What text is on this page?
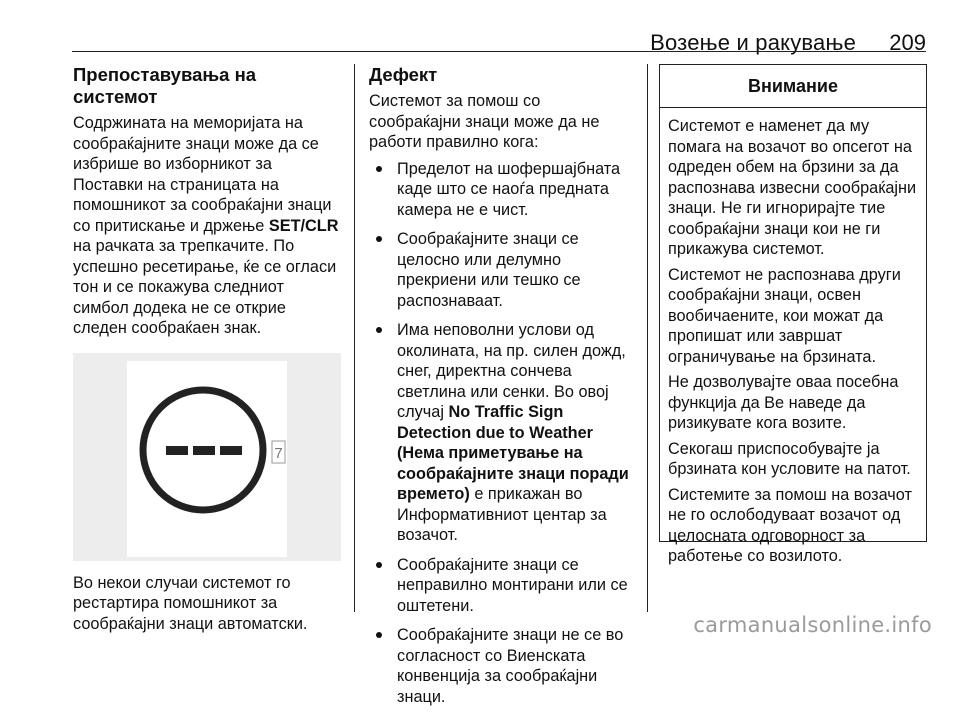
Возење и ракување 209
Препоставувања на системот

Содржината на меморијата на сообраќајните знаци може да се избрише во изборникот за Поставки на страницата на помошникот за сообраќајни знаци со притискање и држење SET/CLR на рачката за трепкачите. По успешно ресетирање, ќе се огласи тон и се покажува следниот симбол додека не се открие следен сообраќаен знак.

7

Во некои случаи системот го рестартира помошникот за сообраќајни знаци автоматски.

Дефект

Системот за помош со сообраќајни знаци може да не работи правилно кога:

Пределот на шофершајбната каде што се наоѓа предната камера не е чист.
Сообраќајните знаци се целосно или делумно прекриени или тешко се распознаваат.
Има неповолни услови од околината, на пр. силен дожд, снег, директна сончева светлина или сенки. Во овој случај No Traffic Sign Detection due to Weather (Нема приметување на сообраќајните знаци поради времето) е прикажан во Информативниот центар за возачот.
Сообраќајните знаци се неправилно монтирани или се оштетени.
Сообраќајните знаци не се во согласност со Виенската конвенција за сообраќајни знаци.
Внимание

Системот е наменет да му помага на возачот во опсегот на одреден обем на брзини за да распознава извесни сообраќајни знаци. Не ги игнорирајте тие сообраќајни знаци кои не ги прикажува системот.

Системот не распознава други сообраќајни знаци, освен вообичаените, кои можат да пропишат или завршат ограничување на брзината.

Не дозволувајте оваа посебна функција да Ве наведе да ризикувате кога возите.

Секогаш приспособувајте ја брзината кон условите на патот.

Системите за помош на возачот не го ослободуваат возачот од целосната одговорност за работење со возилото.

carmanualsonline.info
